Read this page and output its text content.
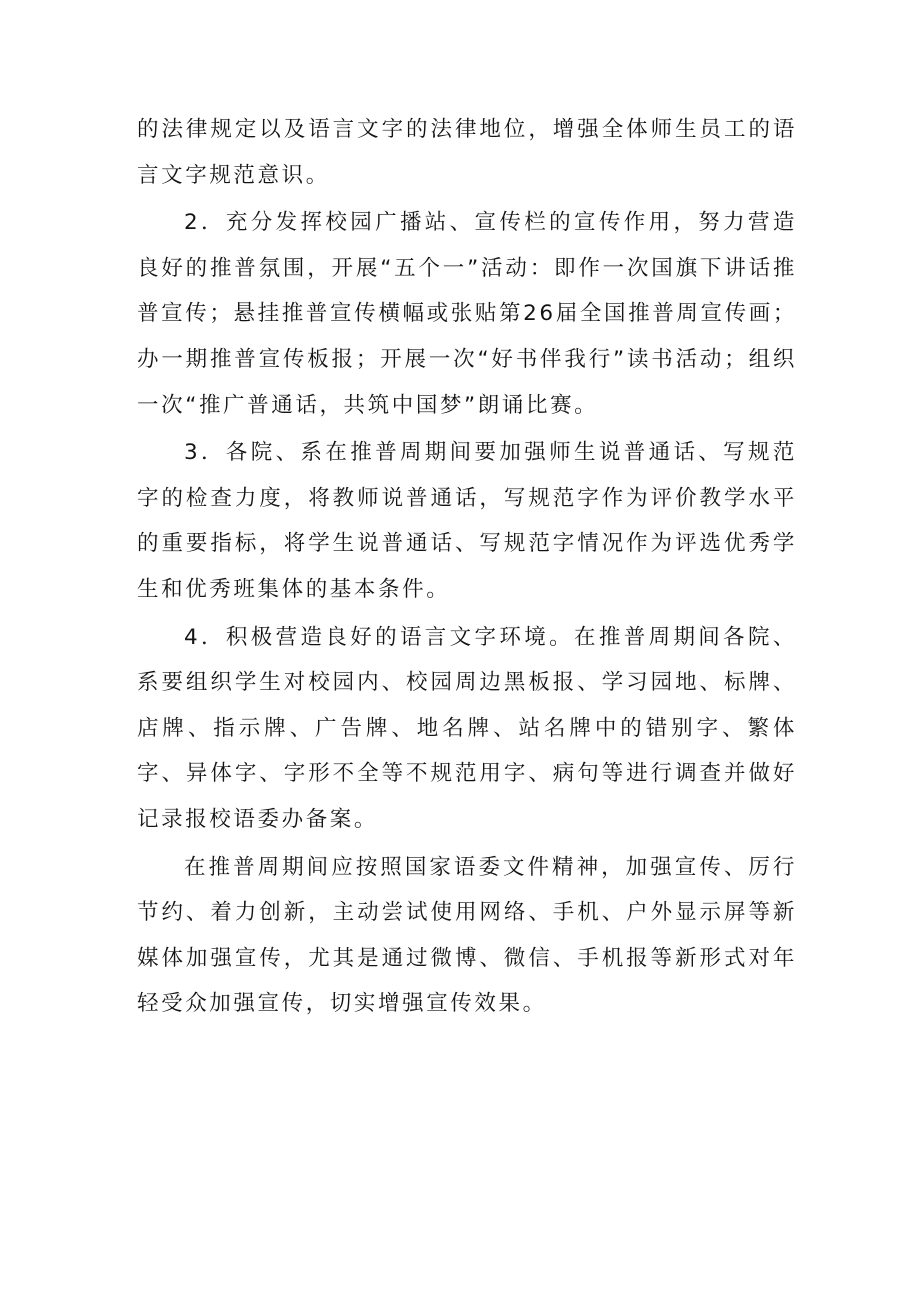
的法律规定以及语言文字的法律地位，增强全体师生员工的语言文字规范意识。

2．充分发挥校园广播站、宣传栏的宣传作用，努力营造良好的推普氛围，开展“五个一”活动：即作一次国旗下讲话推普宣传；悬挂推普宣传横幅或张贴第26届全国推普周宣传画；办一期推普宣传板报；开展一次“好书伴我行”读书活动；组织一次“推广普通话，共筑中国梦”朗诵比赛。

3．各院、系在推普周期间要加强师生说普通话、写规范字的检查力度，将教师说普通话，写规范字作为评价教学水平的重要指标，将学生说普通话、写规范字情况作为评选优秀学生和优秀班集体的基本条件。

4．积极营造良好的语言文字环境。在推普周期间各院、系要组织学生对校园内、校园周边黑板报、学习园地、标牌、店牌、指示牌、广告牌、地名牌、站名牌中的错别字、繁体字、异体字、字形不全等不规范用字、病句等进行调查并做好记录报校语委办备案。

在推普周期间应按照国家语委文件精神，加强宣传、厉行节约、着力创新，主动尝试使用网络、手机、户外显示屏等新媒体加强宣传，尤其是通过微博、微信、手机报等新形式对年轻受众加强宣传，切实增强宣传效果。
